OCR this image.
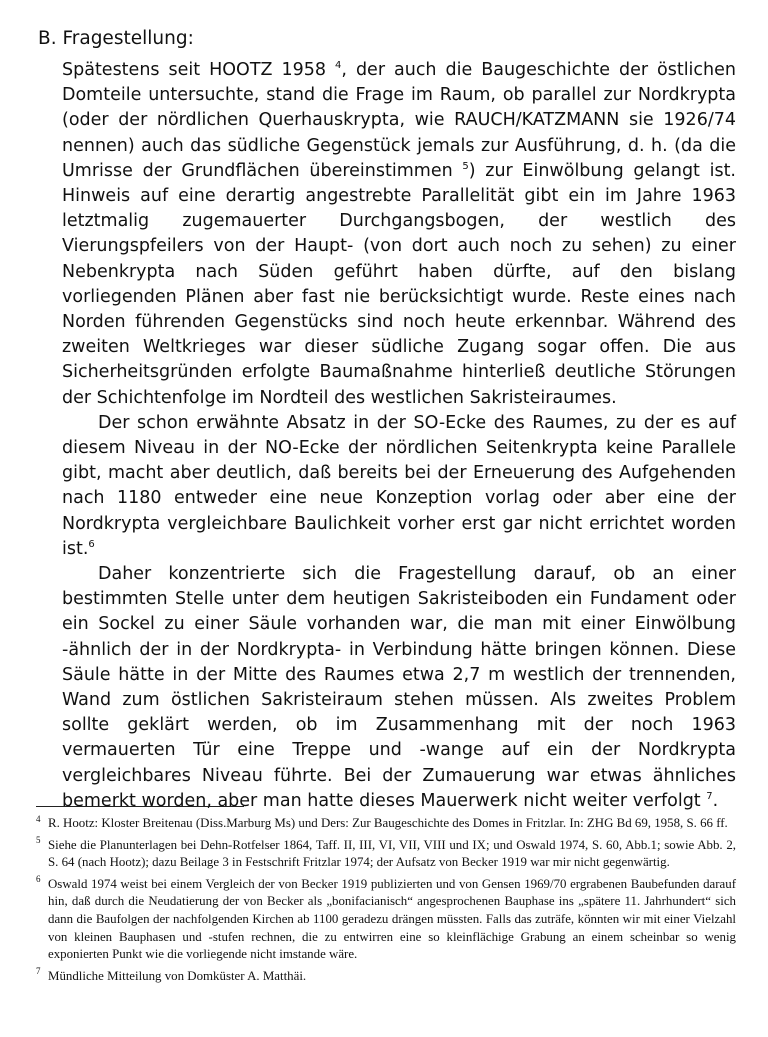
B. Fragestellung:

Spätestens seit HOOTZ 1958 $^4$, der auch die Baugeschichte der östlichen Domteile untersuchte, stand die Frage im Raum, ob parallel zur Nordkrypta (oder der nördlichen Querhauskrypta, wie RAUCH/KATZMANN sie 1926/74 nennen) auch das südliche Gegenstück jemals zur Ausführung, d. h. (da die Umrisse der Grundflächen übereinstimmen $^5$) zur Einwölbung gelangt ist. Hinweis auf eine derartig angestrebte Parallelität gibt ein im Jahre 1963 letztmalig zugemauerter Durchgangsbogen, der westlich des Vierungspfeilers von der Haupt- (von dort auch noch zu sehen) zu einer Nebenkrypta nach Süden geführt haben dürfte, auf den bislang vorliegenden Plänen aber fast nie berücksichtigt wurde. Reste eines nach Norden führenden Gegenstücks sind noch heute erkennbar. Während des zweiten Weltkrieges war dieser südliche Zugang sogar offen. Die aus Sicherheitsgründen erfolgte Baumaßnahme hinterließ deutliche Störungen der Schichtenfolge im Nordteil des westlichen Sakristeiraumes.

Der schon erwähnte Absatz in der SO-Ecke des Raumes, zu der es auf diesem Niveau in der NO-Ecke der nördlichen Seitenkrypta keine Parallele gibt, macht aber deutlich, daß bereits bei der Erneuerung des Aufgehenden nach 1180 entweder eine neue Konzeption vorlag oder aber eine der Nordkrypta vergleichbare Baulichkeit vorher erst gar nicht errichtet worden ist.$^6$

Daher konzentrierte sich die Fragestellung darauf, ob an einer bestimmten Stelle unter dem heutigen Sakristeiboden ein Fundament oder ein Sockel zu einer Säule vorhanden war, die man mit einer Einwölbung -ähnlich der in der Nordkrypta- in Verbindung hätte bringen können. Diese Säule hätte in der Mitte des Raumes etwa 2,7 m westlich der trennenden, Wand zum östlichen Sakristeiraum stehen müssen. Als zweites Problem sollte geklärt werden, ob im Zusammenhang mit der noch 1963 vermauerten Tür eine Treppe und -wange auf ein der Nordkrypta vergleichbares Niveau führte. Bei der Zumauerung war etwas ähnliches bemerkt worden, aber man hatte dieses Mauerwerk nicht weiter verfolgt $^7$.

4 R. Hootz: Kloster Breitenau (Diss.Marburg Ms) und Ders: Zur Baugeschichte des Domes in Fritzlar. In: ZHG Bd 69, 1958, S. 66 ff.

5 Siehe die Planunterlagen bei Dehn-Rotfelser 1864, Taff. II, III, VI, VII, VIII und IX; und Oswald 1974, S. 60, Abb.1; sowie Abb. 2, S. 64 (nach Hootz); dazu Beilage 3 in Festschrift Fritzlar 1974; der Aufsatz von Becker 1919 war mir nicht gegenwärtig.

6 Oswald 1974 weist bei einem Vergleich der von Becker 1919 publizierten und von Gensen 1969/70 ergrabenen Baubefunden darauf hin, daß durch die Neudatierung der von Becker als „bonifacianisch“ angesprochenen Bauphase ins „spätere 11. Jahrhundert“ sich dann die Baufolgen der nachfolgenden Kirchen ab 1100 geradezu drängen müssten. Falls das zuträfe, könnten wir mit einer Vielzahl von kleinen Bauphasen und -stufen rechnen, die zu entwirren eine so kleinflächige Grabung an einem scheinbar so wenig exponierten Punkt wie die vorliegende nicht imstande wäre.

7 Mündliche Mitteilung von Domküster A. Matthäi.
